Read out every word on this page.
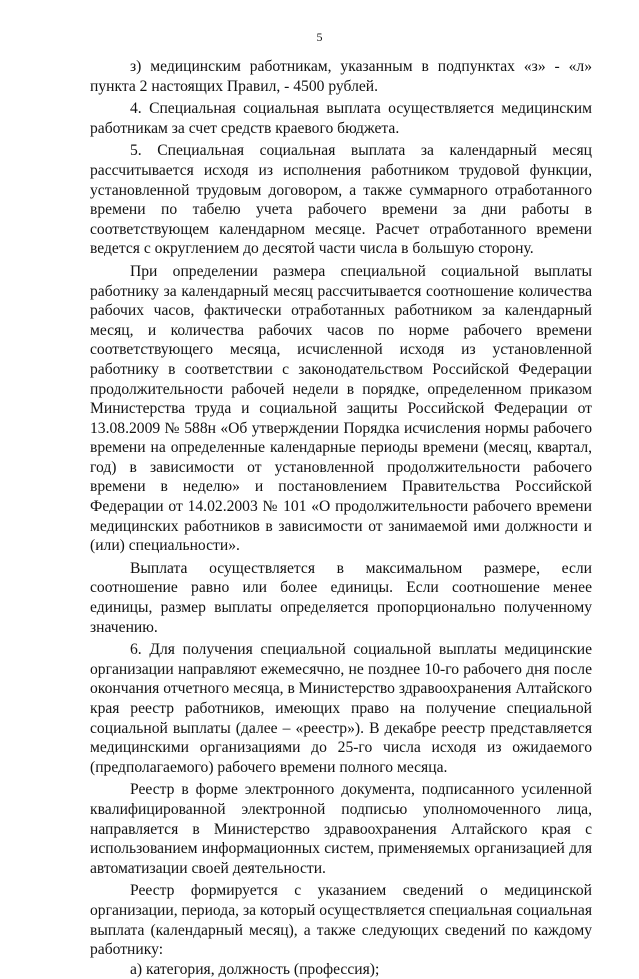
5

з) медицинским работникам, указанным в подпунктах «з» - «л» пункта 2 настоящих Правил, - 4500 рублей.

4. Специальная социальная выплата осуществляется медицинским работникам за счет средств краевого бюджета.

5. Специальная социальная выплата за календарный месяц рассчитывается исходя из исполнения работником трудовой функции, установленной трудовым договором, а также суммарного отработанного времени по табелю учета рабочего времени за дни работы в соответствующем календарном месяце. Расчет отработанного времени ведется с округлением до десятой части числа в большую сторону.

При определении размера специальной социальной выплаты работнику за календарный месяц рассчитывается соотношение количества рабочих часов, фактически отработанных работником за календарный месяц, и количества рабочих часов по норме рабочего времени соответствующего месяца, исчисленной исходя из установленной работнику в соответствии с законодательством Российской Федерации продолжительности рабочей недели в порядке, определенном приказом Министерства труда и социальной защиты Российской Федерации от 13.08.2009 № 588н «Об утверждении Порядка исчисления нормы рабочего времени на определенные календарные периоды времени (месяц, квартал, год) в зависимости от установленной продолжительности рабочего времени в неделю» и постановлением Правительства Российской Федерации от 14.02.2003 № 101 «О продолжительности рабочего времени медицинских работников в зависимости от занимаемой ими должности и (или) специальности».

Выплата осуществляется в максимальном размере, если соотношение равно или более единицы. Если соотношение менее единицы, размер выплаты определяется пропорционально полученному значению.

6. Для получения специальной социальной выплаты медицинские организации направляют ежемесячно, не позднее 10-го рабочего дня после окончания отчетного месяца, в Министерство здравоохранения Алтайского края реестр работников, имеющих право на получение специальной социальной выплаты (далее – «реестр»). В декабре реестр представляется медицинскими организациями до 25-го числа исходя из ожидаемого (предполагаемого) рабочего времени полного месяца.

Реестр в форме электронного документа, подписанного усиленной квалифицированной электронной подписью уполномоченного лица, направляется в Министерство здравоохранения Алтайского края с использованием информационных систем, применяемых организацией для автоматизации своей деятельности.

Реестр формируется с указанием сведений о медицинской организации, периода, за который осуществляется специальная социальная выплата (календарный месяц), а также следующих сведений по каждому работнику:

а) категория, должность (профессия);
